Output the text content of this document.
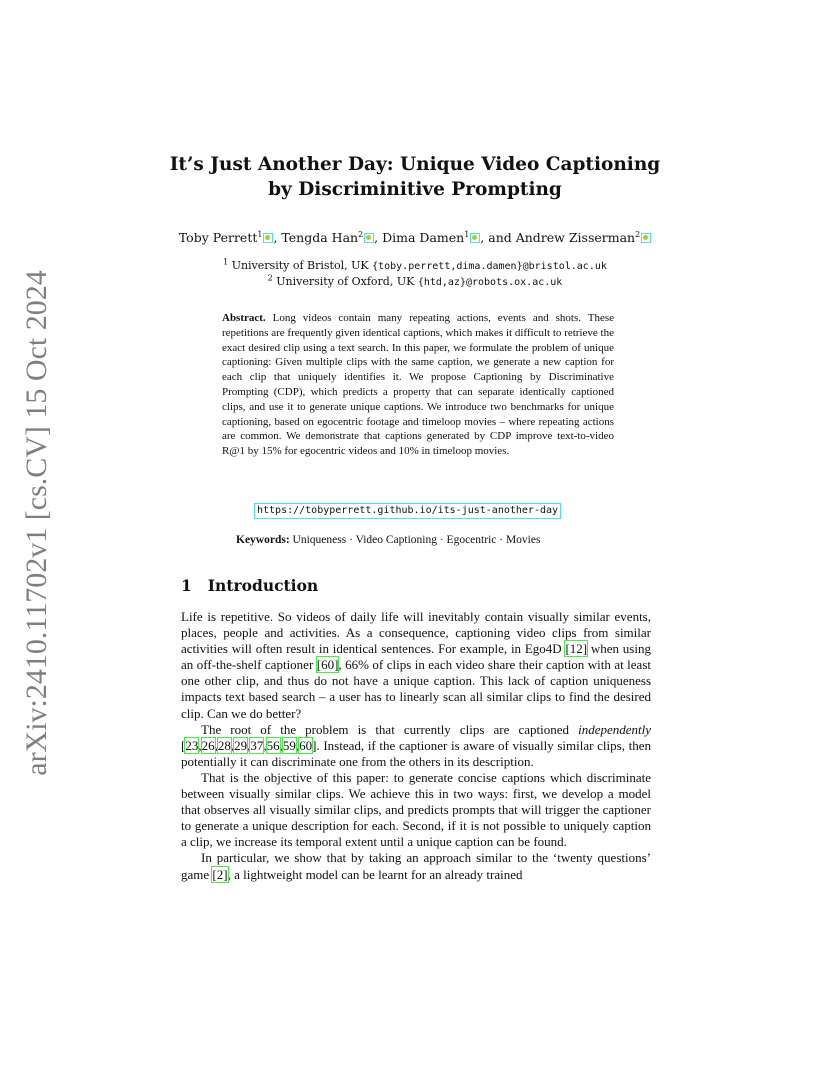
arXiv:2410.11702v1 [cs.CV] 15 Oct 2024
It’s Just Another Day: Unique Video Captioning
by Discriminitive Prompting
Toby Perrett$^1$ , Tengda Han$^2$ , Dima Damen$^1$ , and Andrew Zisserman$^2$
$^1$ University of Bristol, UK {toby.perrett,dima.damen}@bristol.ac.uk
$^2$ University of Oxford, UK {htd,az}@robots.ox.ac.uk
Abstract. Long videos contain many repeating actions, events and shots. These repetitions are frequently given identical captions, which makes it difficult to retrieve the exact desired clip using a text search. In this paper, we formulate the problem of unique captioning: Given multiple clips with the same caption, we generate a new caption for each clip that uniquely identifies it. We propose Captioning by Discriminative Prompting (CDP), which predicts a property that can separate identically captioned clips, and use it to generate unique captions. We introduce two benchmarks for unique captioning, based on egocentric footage and timeloop movies – where repeating actions are common. We demonstrate that captions generated by CDP improve text-to-video R@1 by 15% for egocentric videos and 10% in timeloop movies.
https://tobyperrett.github.io/its-just-another-day
Keywords: Uniqueness · Video Captioning · Egocentric · Movies
1 Introduction

Life is repetitive. So videos of daily life will inevitably contain visually similar events, places, people and activities. As a consequence, captioning video clips from similar activities will often result in identical sentences. For example, in Ego4D [12] when using an off-the-shelf captioner [60], 66% of clips in each video share their caption with at least one other clip, and thus do not have a unique caption. This lack of caption uniqueness impacts text based search – a user has to linearly scan all similar clips to find the desired clip. Can we do better?

The root of the problem is that currently clips are captioned independently [23,26,28,29,37,56,59,60]. Instead, if the captioner is aware of visually similar clips, then potentially it can discriminate one from the others in its description.

That is the objective of this paper: to generate concise captions which discriminate between visually similar clips. We achieve this in two ways: first, we develop a model that observes all visually similar clips, and predicts prompts that will trigger the captioner to generate a unique description for each. Second, if it is not possible to uniquely caption a clip, we increase its temporal extent until a unique caption can be found.

In particular, we show that by taking an approach similar to the ‘twenty questions’ game [2], a lightweight model can be learnt for an already trained
